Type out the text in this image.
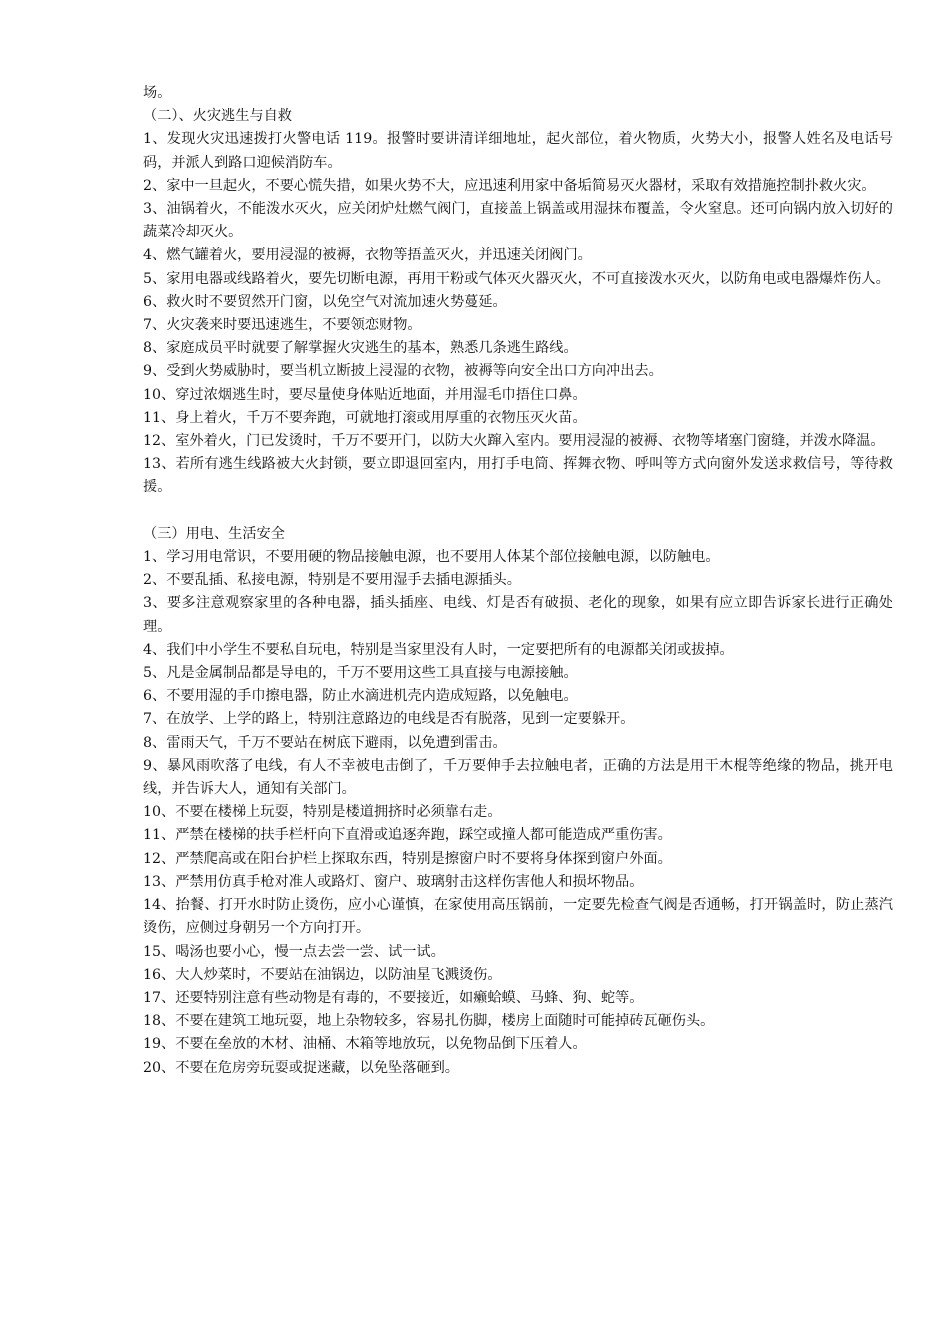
场。

（二）、火灾逃生与自救

1、发现火灾迅速拨打火警电话 119。报警时要讲清详细地址，起火部位，着火物质，火势大小，报警人姓名及电话号码，并派人到路口迎候消防车。

2、家中一旦起火，不要心慌失措，如果火势不大，应迅速利用家中备垢简易灭火器材，采取有效措施控制扑救火灾。

3、油锅着火，不能泼水灭火，应关闭炉灶燃气阀门，直接盖上锅盖或用湿抹布覆盖，令火窒息。还可向锅内放入切好的蔬菜冷却灭火。

4、燃气罐着火，要用浸湿的被褥，衣物等捂盖灭火，并迅速关闭阀门。

5、家用电器或线路着火，要先切断电源，再用干粉或气体灭火器灭火，不可直接泼水灭火，以防角电或电器爆炸伤人。

6、救火时不要贸然开门窗，以免空气对流加速火势蔓延。

7、火灾袭来时要迅速逃生，不要领恋财物。

8、家庭成员平时就要了解掌握火灾逃生的基本，熟悉几条逃生路线。

9、受到火势威胁时，要当机立断披上浸湿的衣物，被褥等向安全出口方向冲出去。

10、穿过浓烟逃生时，要尽量使身体贴近地面，并用湿毛巾捂住口鼻。

11、身上着火，千万不要奔跑，可就地打滚或用厚重的衣物压灭火苗。

12、室外着火，门已发烫时，千万不要开门，以防大火蹿入室内。要用浸湿的被褥、衣物等堵塞门窗缝，并泼水降温。

13、若所有逃生线路被大火封锁，要立即退回室内，用打手电筒、挥舞衣物、呼叫等方式向窗外发送求救信号，等待救援。

（三）用电、生活安全

1、学习用电常识，不要用硬的物品接触电源，也不要用人体某个部位接触电源，以防触电。

2、不要乱插、私接电源，特别是不要用湿手去插电源插头。

3、要多注意观察家里的各种电器，插头插座、电线、灯是否有破损、老化的现象，如果有应立即告诉家长进行正确处理。

4、我们中小学生不要私自玩电，特别是当家里没有人时，一定要把所有的电源都关闭或拔掉。

5、凡是金属制品都是导电的，千万不要用这些工具直接与电源接触。

6、不要用湿的手巾擦电器，防止水滴进机壳内造成短路，以免触电。

7、在放学、上学的路上，特别注意路边的电线是否有脱落，见到一定要躲开。

8、雷雨天气，千万不要站在树底下避雨，以免遭到雷击。

9、暴风雨吹落了电线，有人不幸被电击倒了，千万要伸手去拉触电者，正确的方法是用干木棍等绝缘的物品，挑开电线，并告诉大人，通知有关部门。

10、不要在楼梯上玩耍，特别是楼道拥挤时必须靠右走。

11、严禁在楼梯的扶手栏杆向下直滑或追逐奔跑，踩空或撞人都可能造成严重伤害。

12、严禁爬高或在阳台护栏上探取东西，特别是擦窗户时不要将身体探到窗户外面。

13、严禁用仿真手枪对准人或路灯、窗户、玻璃射击这样伤害他人和损坏物品。

14、抬餐、打开水时防止烫伤，应小心谨慎，在家使用高压锅前，一定要先检查气阀是否通畅，打开锅盖时，防止蒸汽烫伤，应侧过身朝另一个方向打开。

15、喝汤也要小心，慢一点去尝一尝、试一试。

16、大人炒菜时，不要站在油锅边，以防油星飞溅烫伤。

17、还要特别注意有些动物是有毒的，不要接近，如癞蛤蟆、马蜂、狗、蛇等。

18、不要在建筑工地玩耍，地上杂物较多，容易扎伤脚，楼房上面随时可能掉砖瓦砸伤头。

19、不要在垒放的木材、油桶、木箱等地放玩，以免物品倒下压着人。

20、不要在危房旁玩耍或捉迷藏，以免坠落砸到。
